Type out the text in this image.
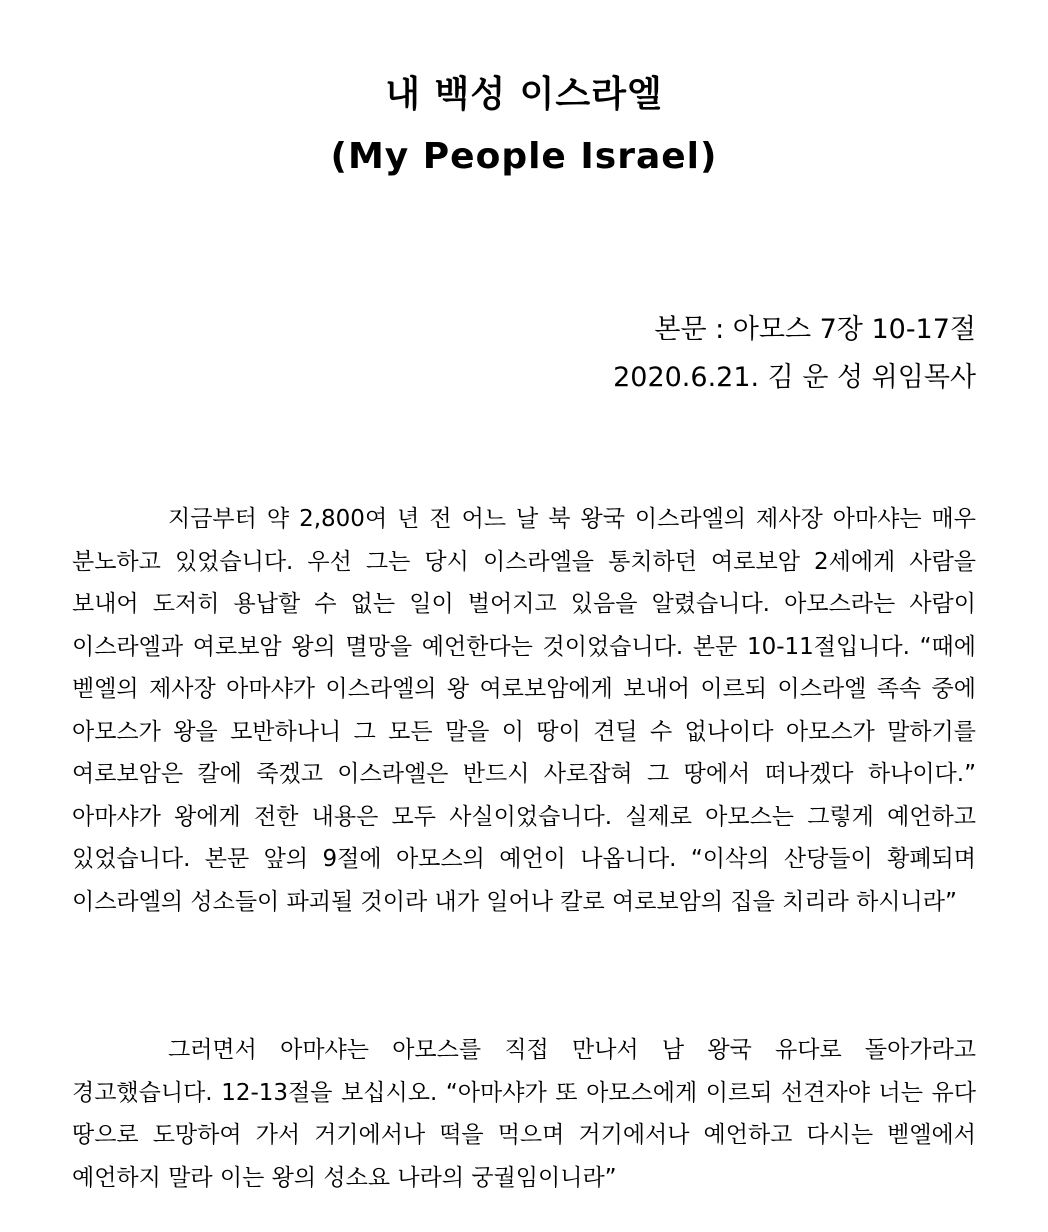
내 백성 이스라엘
(My People Israel)
본문 : 아모스 7장 10-17절
2020.6.21. 김 운 성 위임목사

지금부터 약 2,800여 년 전 어느 날 북 왕국 이스라엘의 제사장 아마샤는 매우 분노하고 있었습니다. 우선 그는 당시 이스라엘을 통치하던 여로보암 2세에게 사람을 보내어 도저히 용납할 수 없는 일이 벌어지고 있음을 알렸습니다. 아모스라는 사람이 이스라엘과 여로보암 왕의 멸망을 예언한다는 것이었습니다. 본문 10-11절입니다. “때에 벧엘의 제사장 아마샤가 이스라엘의 왕 여로보암에게 보내어 이르되 이스라엘 족속 중에 아모스가 왕을 모반하나니 그 모든 말을 이 땅이 견딜 수 없나이다 아모스가 말하기를 여로보암은 칼에 죽겠고 이스라엘은 반드시 사로잡혀 그 땅에서 떠나겠다 하나이다.” 아마샤가 왕에게 전한 내용은 모두 사실이었습니다. 실제로 아모스는 그렇게 예언하고 있었습니다. 본문 앞의 9절에 아모스의 예언이 나옵니다. “이삭의 산당들이 황폐되며 이스라엘의 성소들이 파괴될 것이라 내가 일어나 칼로 여로보암의 집을 치리라 하시니라”

그러면서 아마샤는 아모스를 직접 만나서 남 왕국 유다로 돌아가라고 경고했습니다. 12-13절을 보십시오. “아마샤가 또 아모스에게 이르되 선견자야 너는 유다 땅으로 도망하여 가서 거기에서나 떡을 먹으며 거기에서나 예언하고 다시는 벧엘에서 예언하지 말라 이는 왕의 성소요 나라의 궁궐임이니라”
